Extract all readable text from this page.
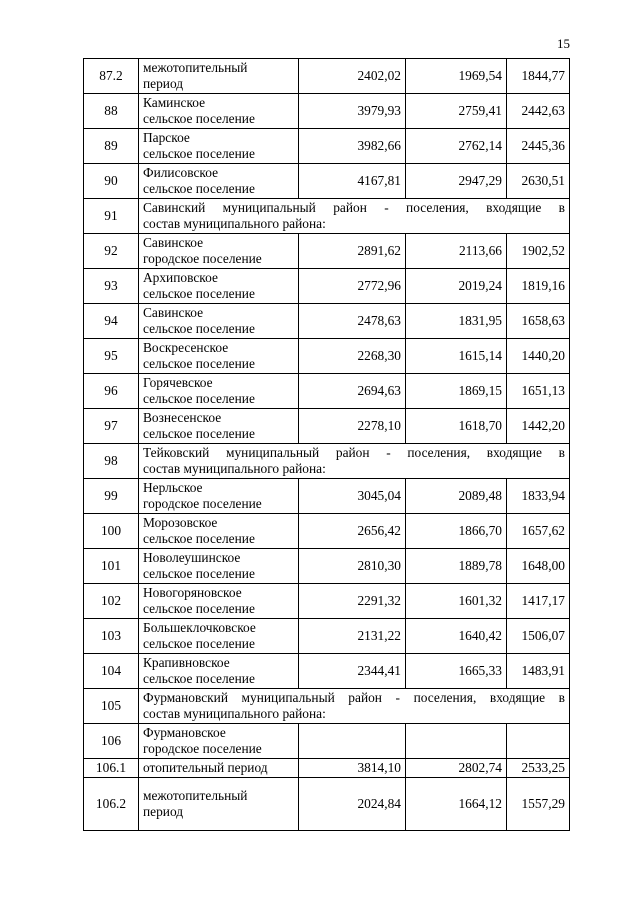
15
87.2	межотопительный
период	2402,02	1969,54	1844,77
88	Каминское
сельское поселение	3979,93	2759,41	2442,63
89	Парское
сельское поселение	3982,66	2762,14	2445,36
90	Филисовское
сельское поселение	4167,81	2947,29	2630,51
91	Савинский муниципальный район - поселения, входящие в
состав муниципального района:			

92	Савинское
городское поселение	2891,62	2113,66	1902,52
93	Архиповское
сельское поселение	2772,96	2019,24	1819,16
94	Савинское
сельское поселение	2478,63	1831,95	1658,63
95	Воскресенское
сельское поселение	2268,30	1615,14	1440,20
96	Горячевское
сельское поселение	2694,63	1869,15	1651,13
97	Вознесенское
сельское поселение	2278,10	1618,70	1442,20
98	Тейковский муниципальный район - поселения, входящие в
состав муниципального района:			

99	Нерльское
городское поселение	3045,04	2089,48	1833,94
100	Морозовское
сельское поселение	2656,42	1866,70	1657,62
101	Новолеушинское
сельское поселение	2810,30	1889,78	1648,00
102	Новогоряновское
сельское поселение	2291,32	1601,32	1417,17
103	Большеклочковское
сельское поселение	2131,22	1640,42	1506,07
104	Крапивновское
сельское поселение	2344,41	1665,33	1483,91
105	Фурмановский муниципальный район - поселения, входящие в
состав муниципального района:			

106	Фурмановское
городское поселение			

106.1	отопительный период	3814,10	2802,74	2533,25
106.2	межотопительный
период	2024,84	1664,12	1557,29
